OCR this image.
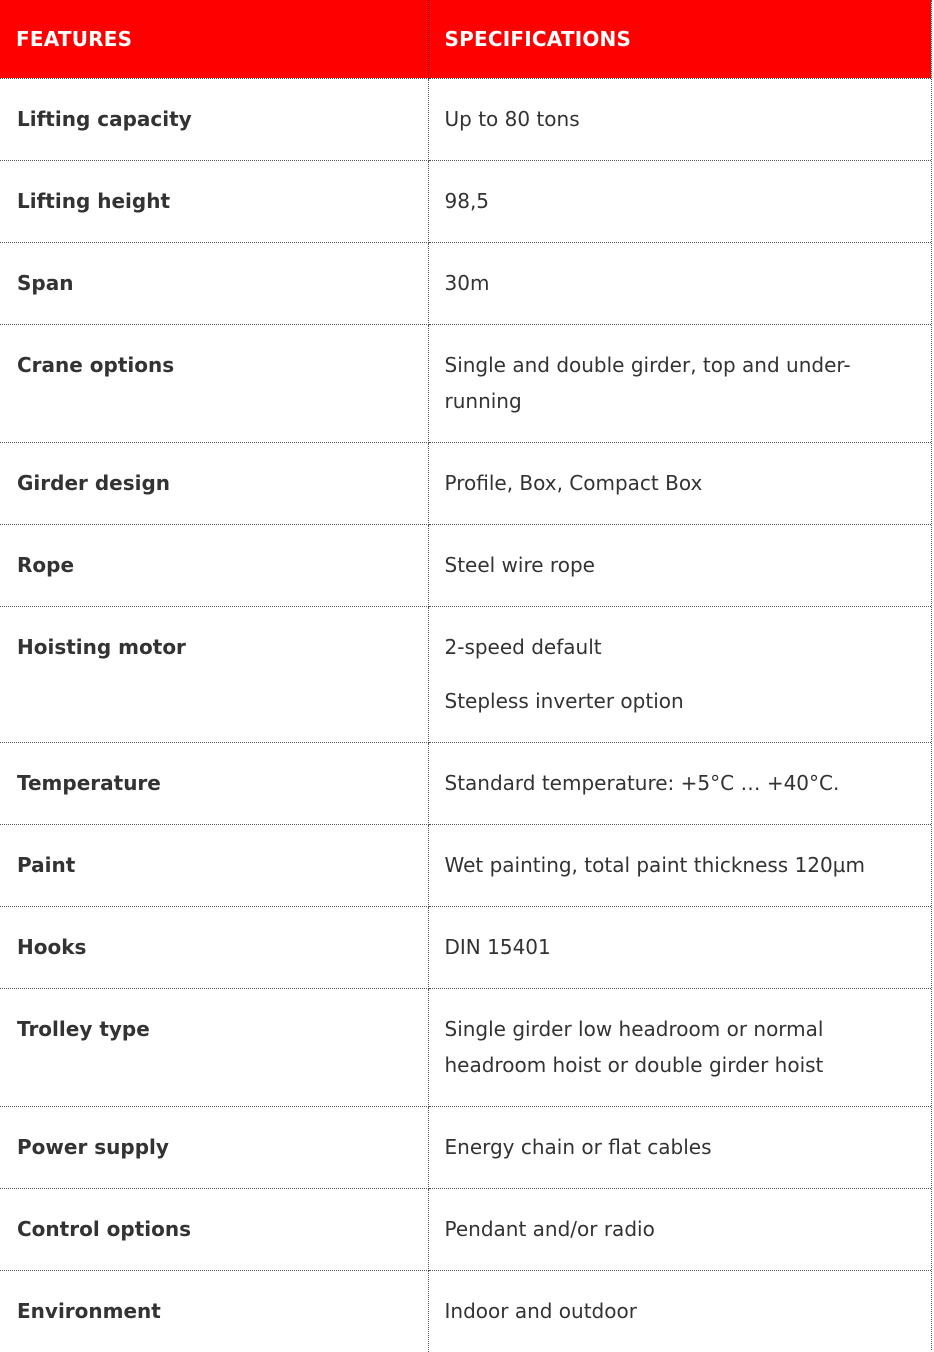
FEATURES	SPECIFICATIONS
Lifting capacity	Up to 80 tons

Lifting height	98,5

Span	30m

Crane options	Single and double girder, top and under-running

Girder design	Profile, Box, Compact Box

Rope	Steel wire rope

Hoisting motor	2-speed default
Stepless inverter option

Temperature	Standard temperature: +5°C … +40°C.

Paint	Wet painting, total paint thickness 120µm

Hooks	DIN 15401

Trolley type	Single girder low headroom or normal headroom hoist or double girder hoist

Power supply	Energy chain or flat cables

Control options	Pendant and/or radio

Environment	Indoor and outdoor
